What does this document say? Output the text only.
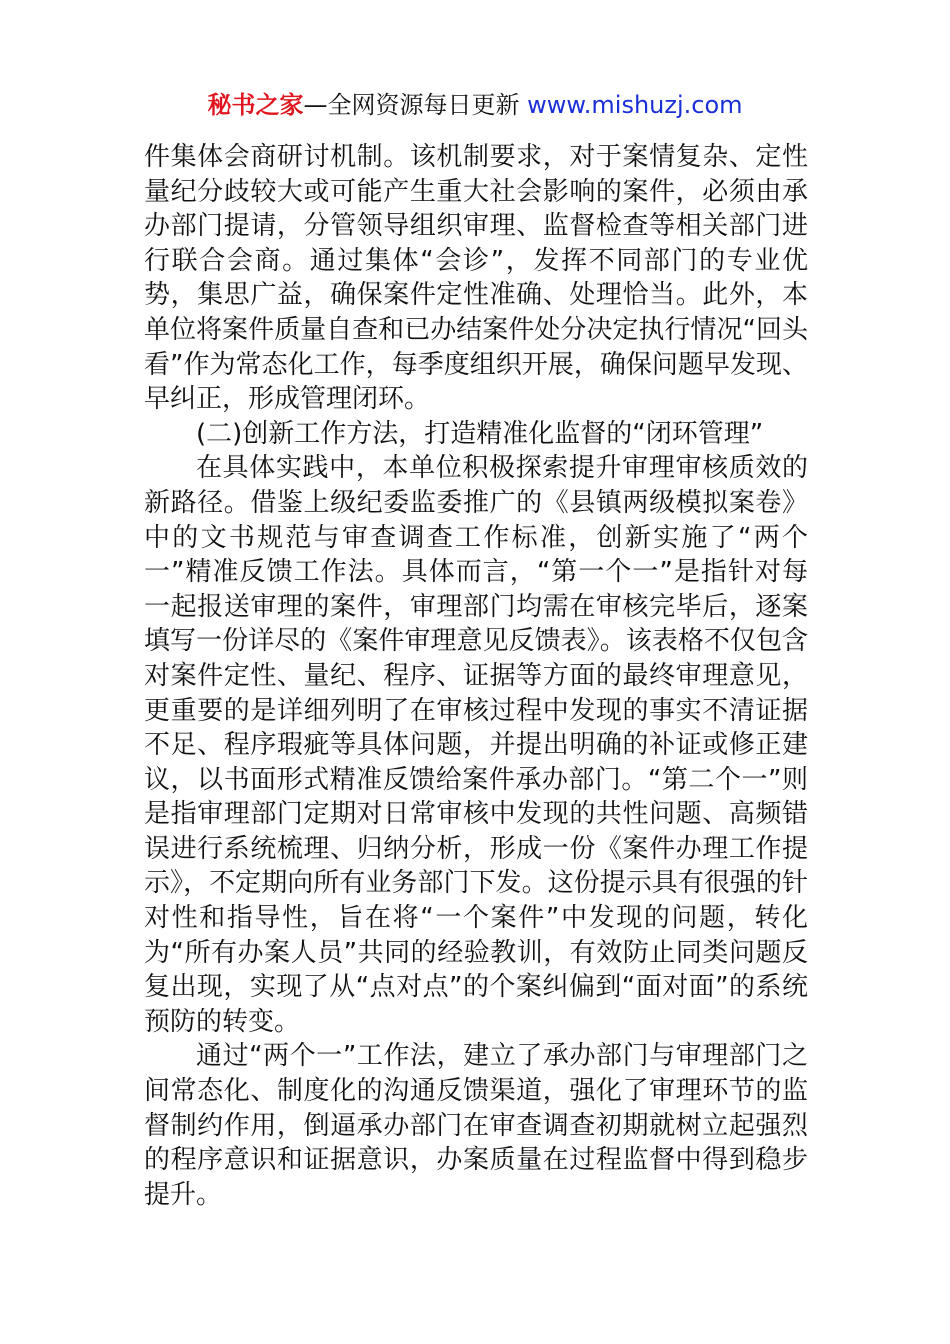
秘书之家—全网资源每日更新 www.mishuzj.com

件集体会商研讨机制。该机制要求，对于案情复杂、定性量纪分歧较大或可能产生重大社会影响的案件，必须由承办部门提请，分管领导组织审理、监督检查等相关部门进行联合会商。通过集体“会诊”，发挥不同部门的专业优势，集思广益，确保案件定性准确、处理恰当。此外，本单位将案件质量自查和已办结案件处分决定执行情况“回头看”作为常态化工作，每季度组织开展，确保问题早发现、早纠正，形成管理闭环。

(二)创新工作方法，打造精准化监督的“闭环管理”

在具体实践中，本单位积极探索提升审理审核质效的新路径。借鉴上级纪委监委推广的《县镇两级模拟案卷》中的文书规范与审查调查工作标准，创新实施了“两个一”精准反馈工作法。具体而言，“第一个一”是指针对每一起报送审理的案件，审理部门均需在审核完毕后，逐案填写一份详尽的《案件审理意见反馈表》。该表格不仅包含对案件定性、量纪、程序、证据等方面的最终审理意见，更重要的是详细列明了在审核过程中发现的事实不清证据不足、程序瑕疵等具体问题，并提出明确的补证或修正建议，以书面形式精准反馈给案件承办部门。“第二个一”则是指审理部门定期对日常审核中发现的共性问题、高频错误进行系统梳理、归纳分析，形成一份《案件办理工作提示》，不定期向所有业务部门下发。这份提示具有很强的针对性和指导性，旨在将“一个案件”中发现的问题，转化为“所有办案人员”共同的经验教训，有效防止同类问题反复出现，实现了从“点对点”的个案纠偏到“面对面”的系统预防的转变。

通过“两个一”工作法，建立了承办部门与审理部门之间常态化、制度化的沟通反馈渠道，强化了审理环节的监督制约作用，倒逼承办部门在审查调查初期就树立起强烈的程序意识和证据意识，办案质量在过程监督中得到稳步提升。
